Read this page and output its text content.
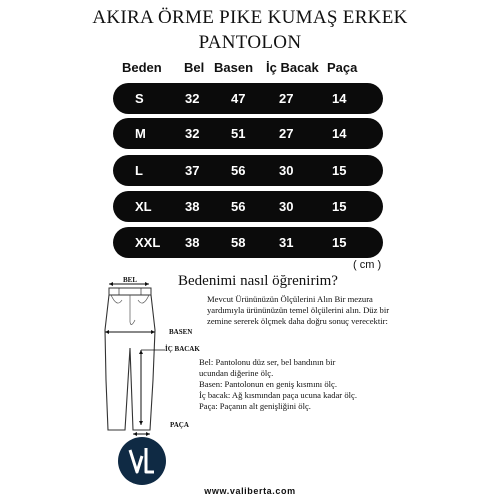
AKIRA ÖRME PIKE KUMAŞ ERKEK
PANTOLON
Beden Bel Basen İç Bacak Paça
S	32 47	27	14
M	32 51	27	14
L	37 56	30	15
XL	38 56	30	15
XXL 38 58	31	15
( cm )
BEL
BASEN
İÇ BACAK
PAÇA
Bedenimi nasıl öğrenirim?
Mevcut Ürününüzün Ölçülerini Alın Bir mezura yardımıyla ürününüzün temel ölçülerini alın. Düz bir zemine sererek ölçmek daha doğru sonuç verecektir:
Bel: Pantolonu düz ser, bel bandının bir
ucundan diğerine ölç.
Basen: Pantolonun en geniş kısmını ölç.
İç bacak: Ağ kısmından paça ucuna kadar ölç.
Paça: Paçanın alt genişliğini ölç.
www.valiberta.com
